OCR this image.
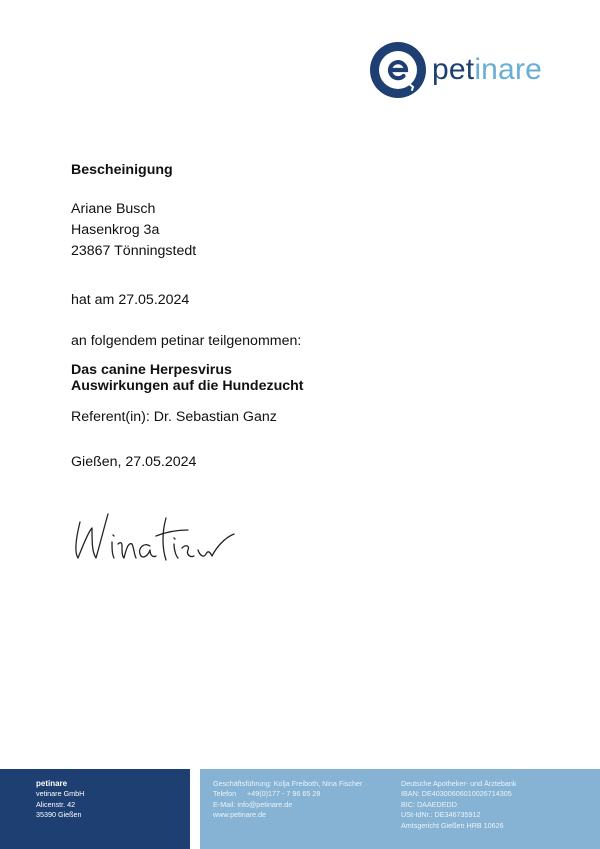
petinare
Bescheinigung
Ariane Busch
Hasenkrog 3a
23867 Tönningstedt
hat am 27.05.2024
an folgendem petinar teilgenommen:
Das canine Herpesvirus
Auswirkungen auf die Hundezucht
Referent(in): Dr. Sebastian Ganz
Gießen, 27.05.2024
petinare
vetinare GmbH
Alicenstr. 42
35390 Gießen
Geschäftsführung: Kolja Freiboth, Nina Fischer
Telefon +49(0)177 - 7 96 65 28
E-Mail: info@petinare.de
www.petinare.de
Deutsche Apotheker- und Ärztebank
IBAN: DE40300606010026714305
BIC: DAAEDEDD
USt-IdNr.: DE346735912
Amtsgericht Gießen HRB 10626
